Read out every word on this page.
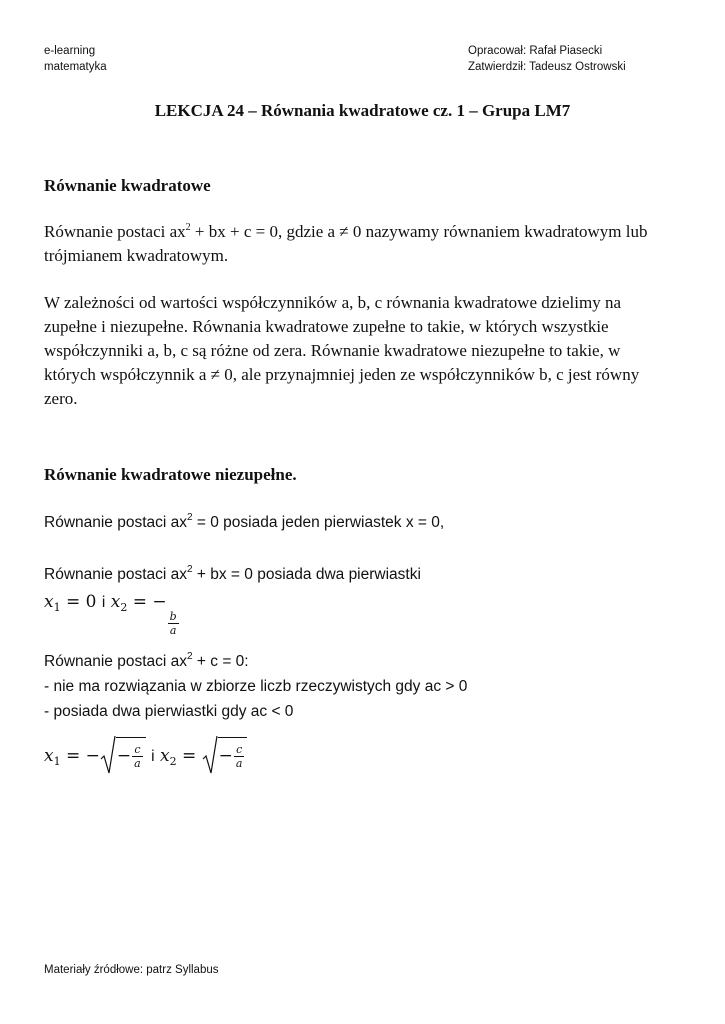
e-learning
matematyka
Opracował: Rafał Piasecki
Zatwierdził: Tadeusz Ostrowski
LEKCJA 24 – Równania kwadratowe cz. 1 – Grupa LM7
Równanie kwadratowe

Równanie postaci $ax^2$ + bx + c = 0, gdzie a ≠ 0 nazywamy równaniem kwadratowym lub trójmianem kwadratowym.

W zależności od wartości współczynników a, b, c równania kwadratowe dzielimy na zupełne i niezupełne. Równania kwadratowe zupełne to takie, w których wszystkie współczynniki a, b, c są różne od zera. Równanie kwadratowe niezupełne to takie, w których współczynnik a ≠ 0, ale przynajmniej jeden ze współczynników b, c jest równy zero.

Równanie kwadratowe niezupełne.
Równanie postaci $ax^2 = 0$ posiada jeden pierwiastek x = 0,
Równanie postaci $ax^2$ + bx = 0 posiada dwa pierwiastki
$x_1 = 0$ i $x_2$ = −
$\frac{b}{a}$
Równanie postaci $ax^2 + c = 0$:
- nie ma rozwiązania w zbiorze liczb rzeczywistych gdy ac > 0
- posiada dwa pierwiastki gdy ac < 0
$x_1$ = − − $\frac{c}{a}$ i $x_2$ = − $\frac{c}{a}$
Materiały źródłowe: patrz Syllabus
